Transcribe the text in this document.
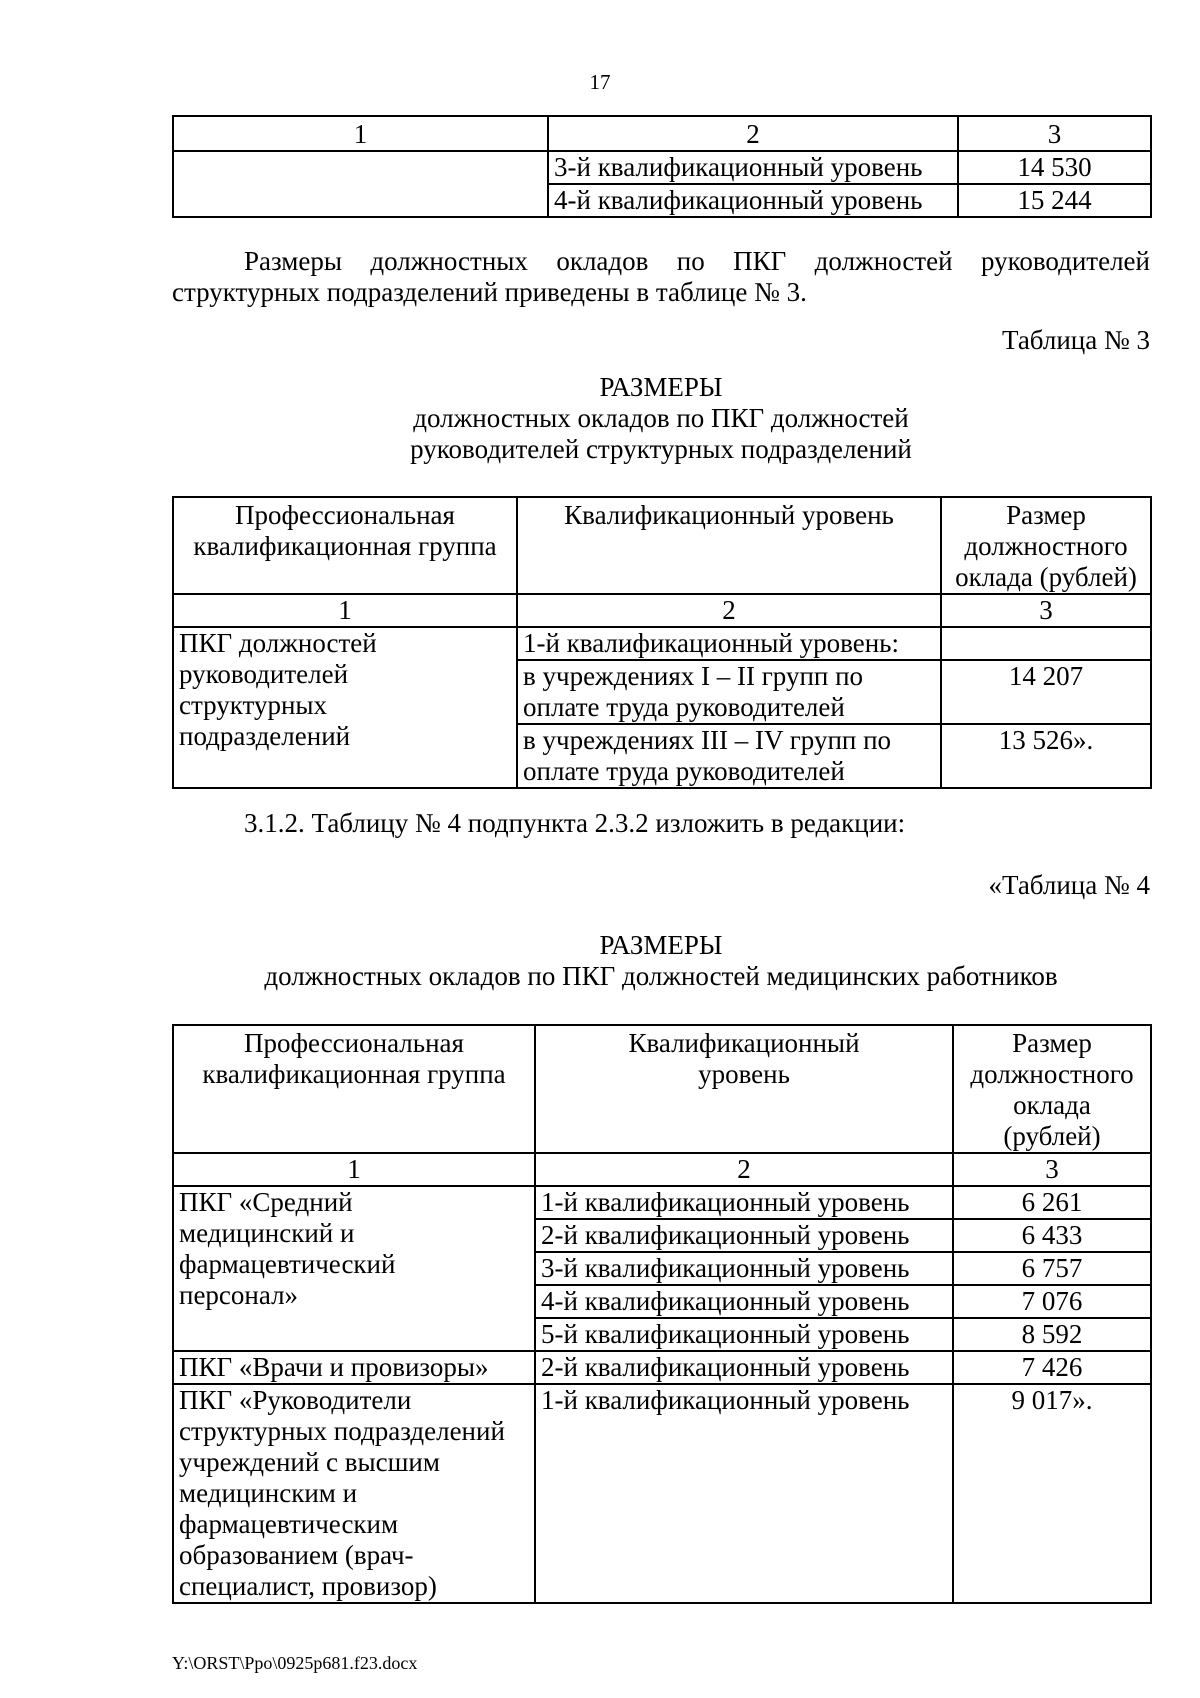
17
1	2	3
	3-й квалификационный уровень	14 530
	4-й квалификационный уровень	15 244
Размеры должностных окладов по ПКГ должностей руководителей структурных подразделений приведены в таблице № 3.
Таблица № 3
РАЗМЕРЫ
должностных окладов по ПКГ должностей
руководителей структурных подразделений
Профессиональная квалификационная группа	Квалификационный уровень	Размер должностного оклада (рублей)
1	2	3
ПКГ должностей руководителей структурных подразделений	1-й квалификационный уровень:	
	в учреждениях I – II групп по оплате труда руководителей	14 207
	в учреждениях III – IV групп по оплате труда руководителей	13 526».
3.1.2. Таблицу № 4 подпункта 2.3.2 изложить в редакции:
«Таблица № 4
РАЗМЕРЫ
должностных окладов по ПКГ должностей медицинских работников
Профессиональная квалификационная группа	Квалификационный уровень	Размер должностного оклада (рублей)
1	2	3
ПКГ «Средний медицинский и фармацевтический персонал»	1-й квалификационный уровень	6 261
	2-й квалификационный уровень	6 433
	3-й квалификационный уровень	6 757
	4-й квалификационный уровень	7 076
	5-й квалификационный уровень	8 592
ПКГ «Врачи и провизоры»	2-й квалификационный уровень	7 426
ПКГ «Руководители структурных подразделений учреждений с высшим медицинским и фармацевтическим образованием (врач-специалист, провизор)	1-й квалификационный уровень	9 017».
Y:\ORST\Ppo\0925p681.f23.docx
